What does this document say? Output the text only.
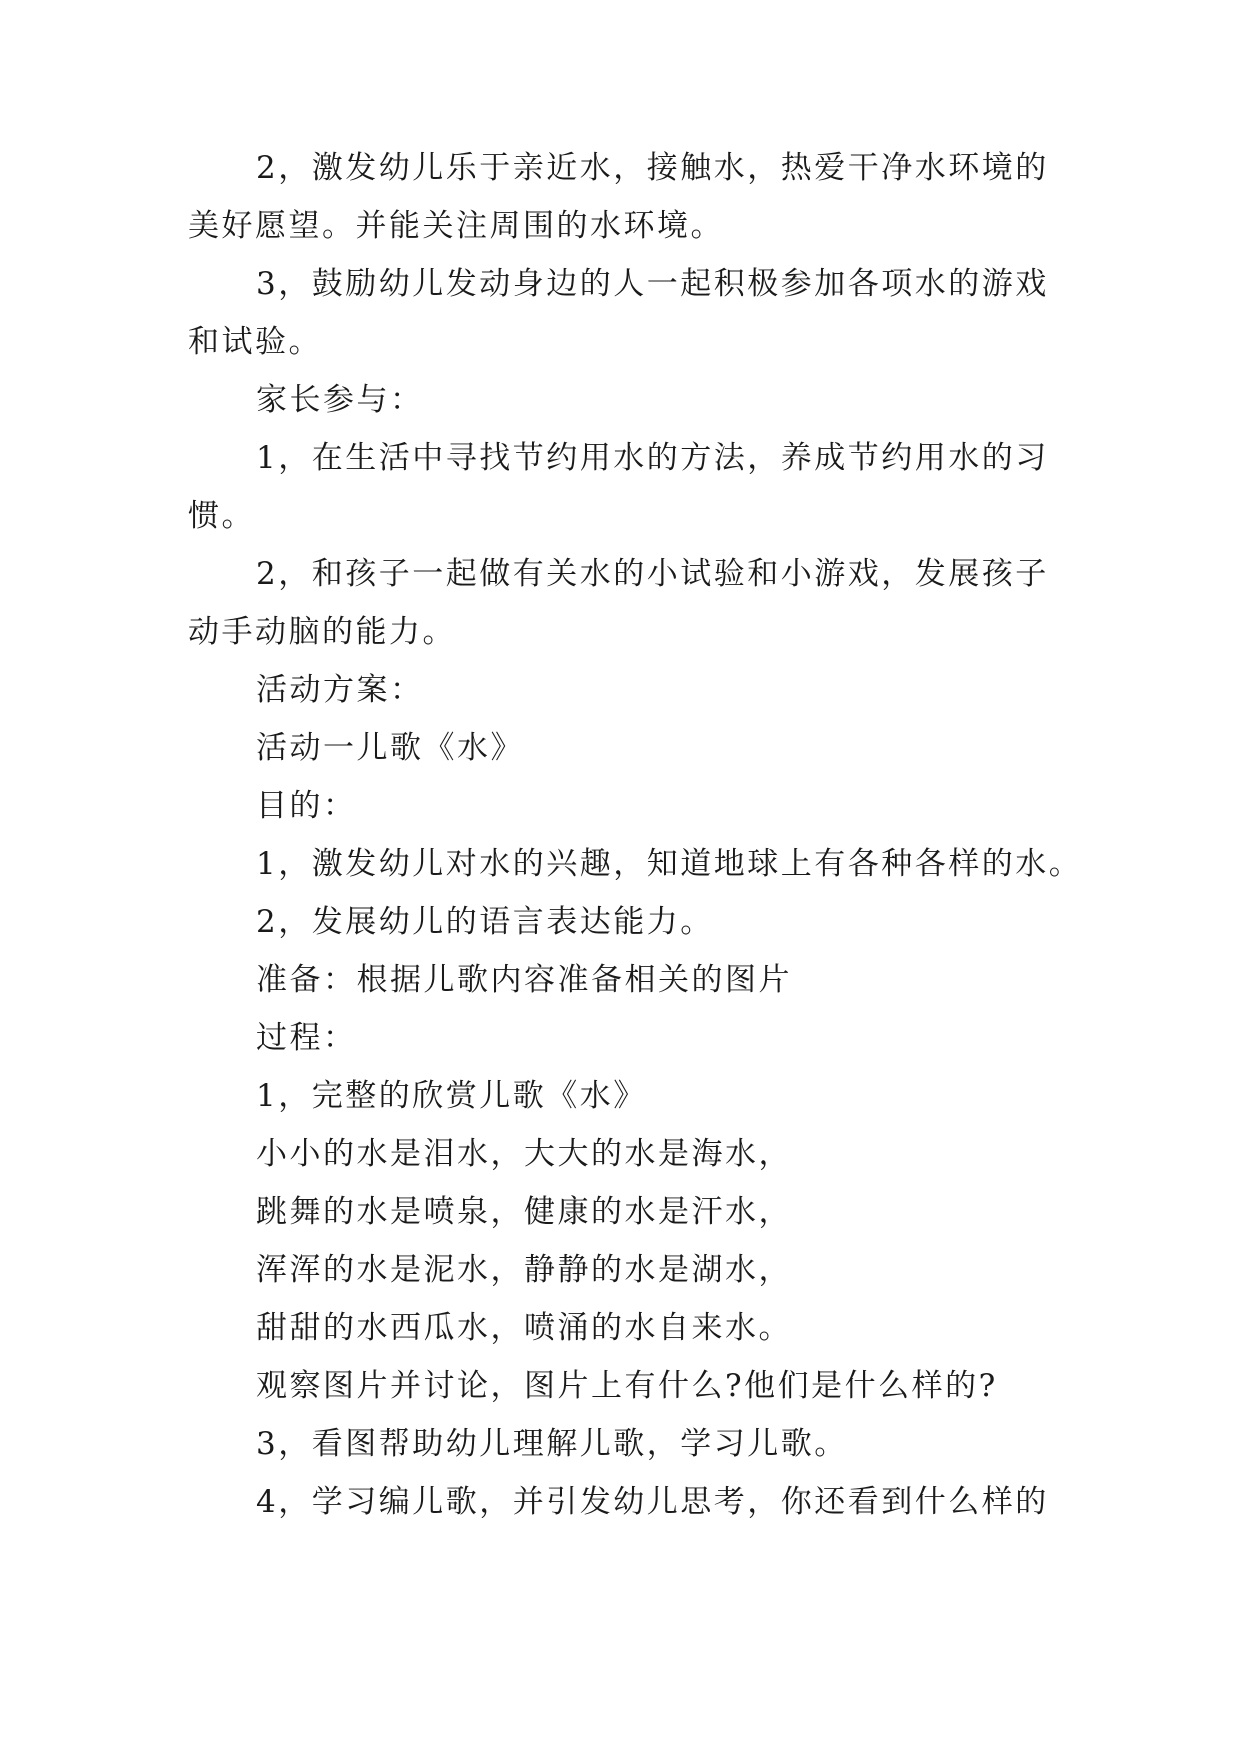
2，激发幼儿乐于亲近水，接触水，热爱干净水环境的
美好愿望。并能关注周围的水环境。
3，鼓励幼儿发动身边的人一起积极参加各项水的游戏
和试验。
家长参与：
1，在生活中寻找节约用水的方法，养成节约用水的习
惯。
2，和孩子一起做有关水的小试验和小游戏，发展孩子
动手动脑的能力。
活动方案：
活动一儿歌《水》
目的：
1，激发幼儿对水的兴趣，知道地球上有各种各样的水。
2，发展幼儿的语言表达能力。
准备：根据儿歌内容准备相关的图片
过程：
1，完整的欣赏儿歌《水》
小小的水是泪水，大大的水是海水，
跳舞的水是喷泉，健康的水是汗水，
浑浑的水是泥水，静静的水是湖水，
甜甜的水西瓜水，喷涌的水自来水。
观察图片并讨论，图片上有什么?他们是什么样的?
3，看图帮助幼儿理解儿歌，学习儿歌。
4，学习编儿歌，并引发幼儿思考，你还看到什么样的
